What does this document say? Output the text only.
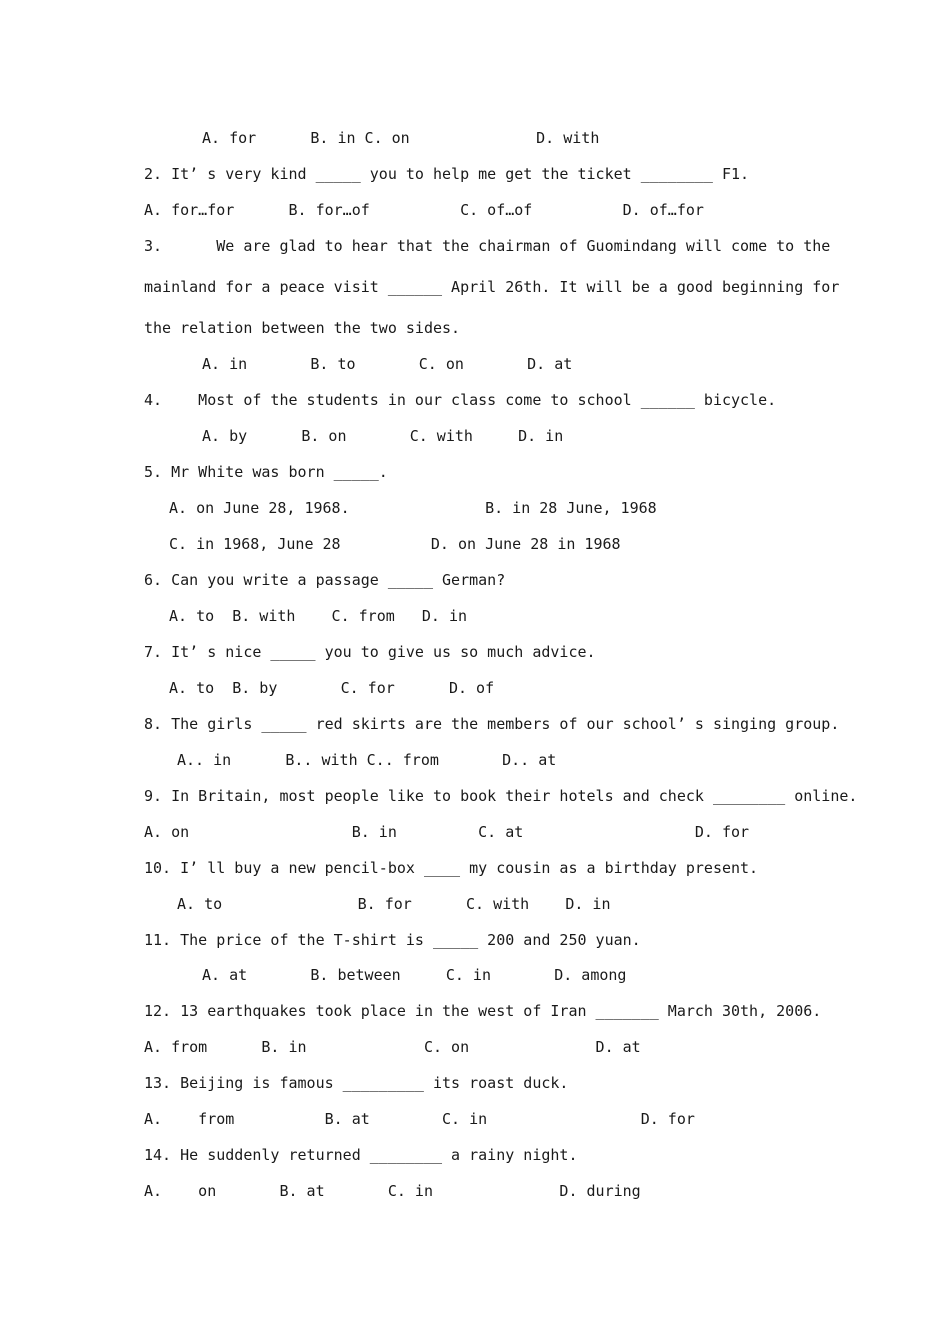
A. for      B. in C. on              D. with
2. It’ s very kind _____ you to help me get the ticket ________ F1.
A. for…for      B. for…of          C. of…of          D. of…for
3.      We are glad to hear that the chairman of Guomindang will come to the
mainland for a peace visit ______ April 26th. It will be a good beginning for
the relation between the two sides.
A. in       B. to       C. on       D. at
4.    Most of the students in our class come to school ______ bicycle.
A. by      B. on       C. with     D. in
5. Mr White was born _____.
A. on June 28, 1968.               B. in 28 June, 1968
C. in 1968, June 28          D. on June 28 in 1968
6. Can you write a passage _____ German?
A. to  B. with    C. from   D. in
7. It’ s nice _____ you to give us so much advice.
A. to  B. by       C. for      D. of
8. The girls _____ red skirts are the members of our school’ s singing group.
A.. in      B.. with C.. from       D.. at
9. In Britain, most people like to book their hotels and check ________ online.
A. on                  B. in         C. at                   D. for
10. I’ ll buy a new pencil-box ____ my cousin as a birthday present.
A. to               B. for      C. with    D. in
11. The price of the T-shirt is _____ 200 and 250 yuan.
A. at       B. between     C. in       D. among
12. 13 earthquakes took place in the west of Iran _______ March 30th, 2006.
A. from      B. in             C. on              D. at
13. Beijing is famous _________ its roast duck.
A.    from          B. at        C. in                 D. for
14. He suddenly returned ________ a rainy night.
A.    on       B. at       C. in              D. during
